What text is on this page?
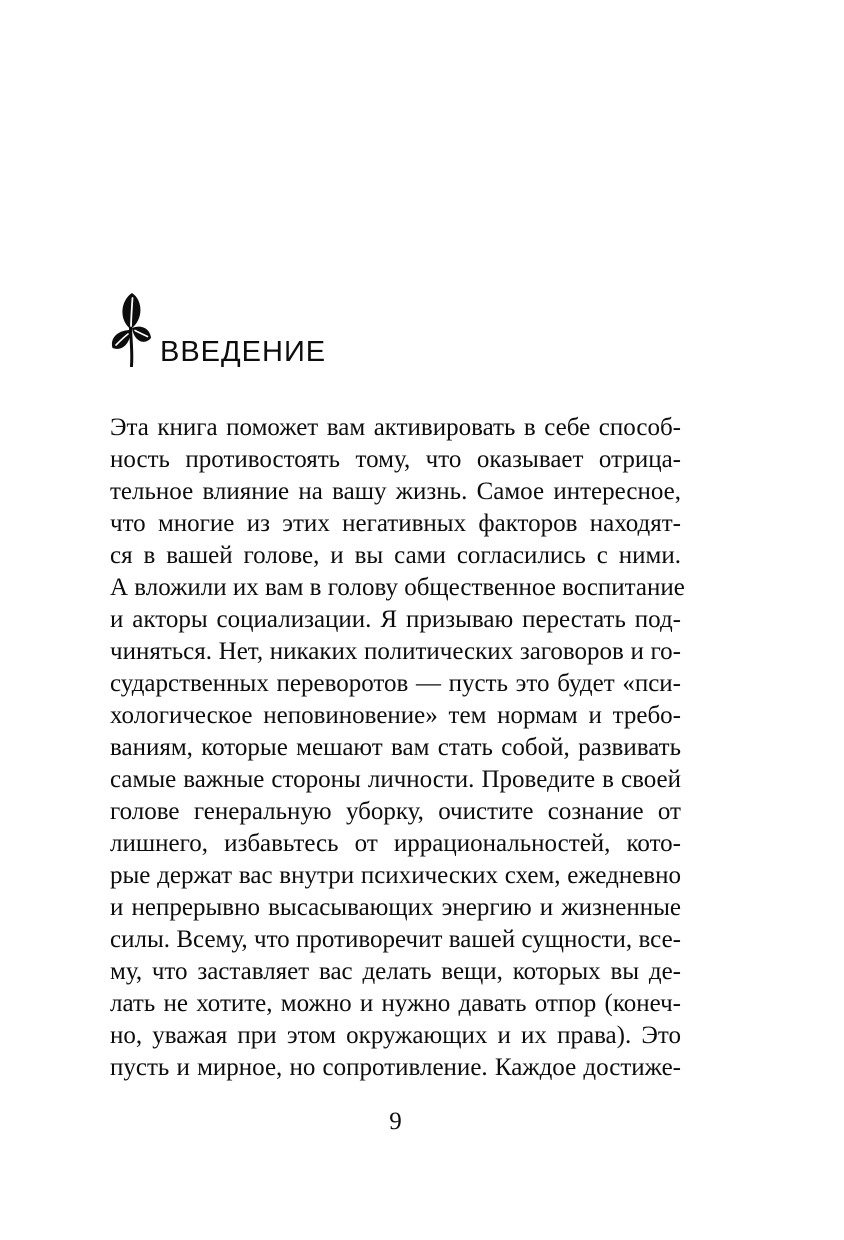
ВВЕДЕНИЕ
Эта книга поможет вам активировать в себе способ-
ность противостоять тому, что оказывает отрица-
тельное влияние на вашу жизнь. Самое интересное,
что многие из этих негативных факторов находят-
ся в вашей голове, и вы сами согласились с ними.
А вложили их вам в голову общественное воспитание
и акторы социализации. Я призываю перестать под-
чиняться. Нет, никаких политических заговоров и го-
сударственных переворотов — пусть это будет «пси-
хологическое неповиновение» тем нормам и требо-
ваниям, которые мешают вам стать собой, развивать
самые важные стороны личности. Проведите в своей
голове генеральную уборку, очистите сознание от
лишнего, избавьтесь от иррациональностей, кото-
рые держат вас внутри психических схем, ежедневно
и непрерывно высасывающих энергию и жизненные
силы. Всему, что противоречит вашей сущности, все-
му, что заставляет вас делать вещи, которых вы де-
лать не хотите, можно и нужно давать отпор (конеч-
но, уважая при этом окружающих и их права). Это
пусть и мирное, но сопротивление. Каждое достиже-
9
